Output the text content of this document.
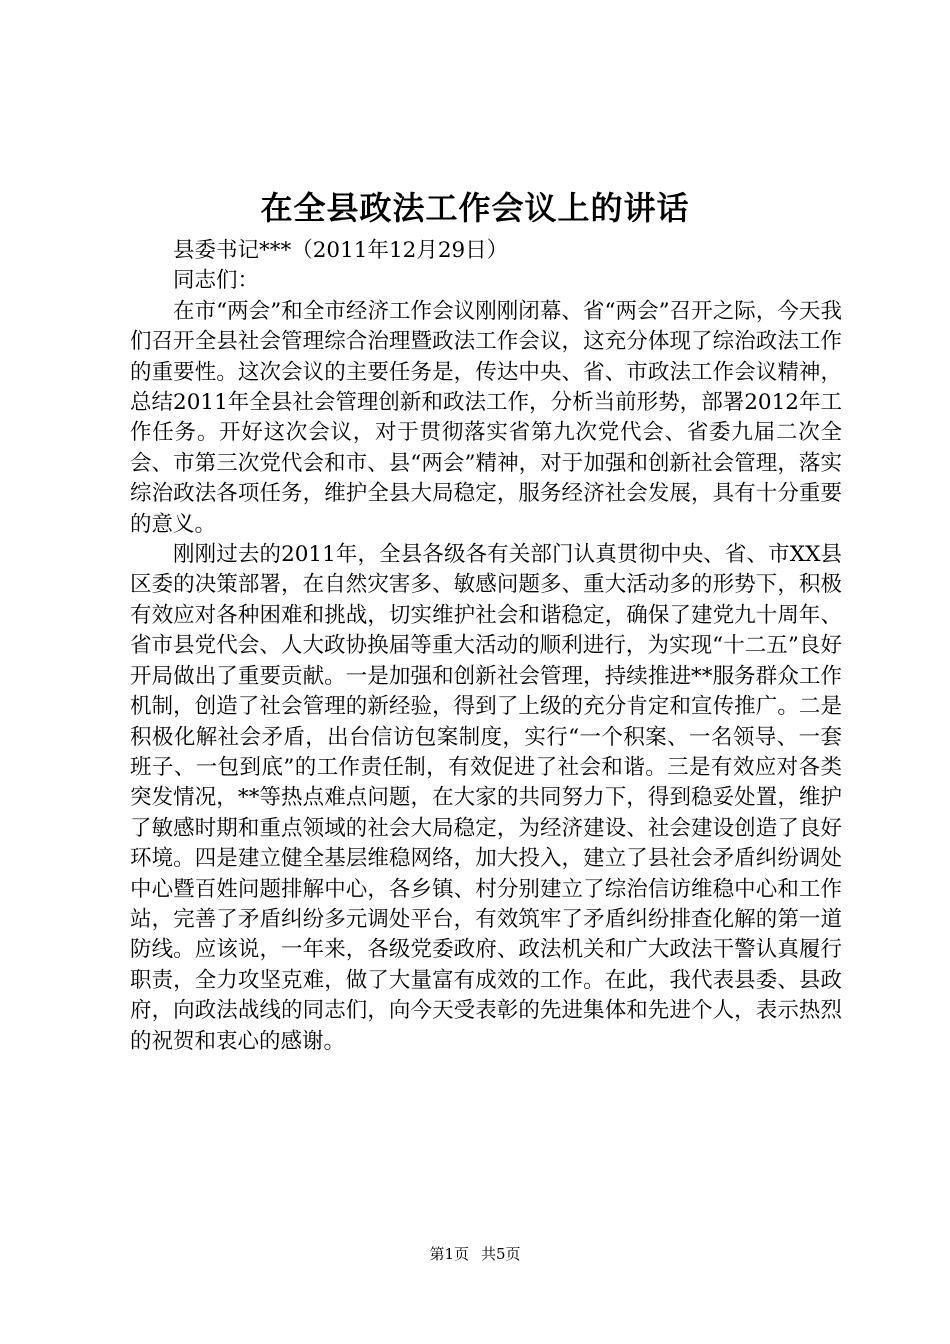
在全县政法工作会议上的讲话

县委书记***（2011年12月29日）

同志们：

在市“两会”和全市经济工作会议刚刚闭幕、省“两会”召开之际，今天我们召开全县社会管理综合治理暨政法工作会议，这充分体现了综治政法工作的重要性。这次会议的主要任务是，传达中央、省、市政法工作会议精神，总结2011年全县社会管理创新和政法工作，分析当前形势，部署2012年工作任务。开好这次会议，对于贯彻落实省第九次党代会、省委九届二次全会、市第三次党代会和市、县“两会”精神，对于加强和创新社会管理，落实综治政法各项任务，维护全县大局稳定，服务经济社会发展，具有十分重要的意义。

刚刚过去的2011年，全县各级各有关部门认真贯彻中央、省、市XX县区委的决策部署，在自然灾害多、敏感问题多、重大活动多的形势下，积极有效应对各种困难和挑战，切实维护社会和谐稳定，确保了建党九十周年、省市县党代会、人大政协换届等重大活动的顺利进行，为实现“十二五”良好开局做出了重要贡献。一是加强和创新社会管理，持续推进**服务群众工作机制，创造了社会管理的新经验，得到了上级的充分肯定和宣传推广。二是积极化解社会矛盾，出台信访包案制度，实行“一个积案、一名领导、一套班子、一包到底”的工作责任制，有效促进了社会和谐。三是有效应对各类突发情况，**等热点难点问题，在大家的共同努力下，得到稳妥处置，维护了敏感时期和重点领域的社会大局稳定，为经济建设、社会建设创造了良好环境。四是建立健全基层维稳网络，加大投入，建立了县社会矛盾纠纷调处中心暨百姓问题排解中心，各乡镇、村分别建立了综治信访维稳中心和工作站，完善了矛盾纠纷多元调处平台，有效筑牢了矛盾纠纷排查化解的第一道防线。应该说，一年来，各级党委政府、政法机关和广大政法干警认真履行职责，全力攻坚克难，做了大量富有成效的工作。在此，我代表县委、县政府，向政法战线的同志们，向今天受表彰的先进集体和先进个人，表示热烈的祝贺和衷心的感谢。

第1页 共5页
